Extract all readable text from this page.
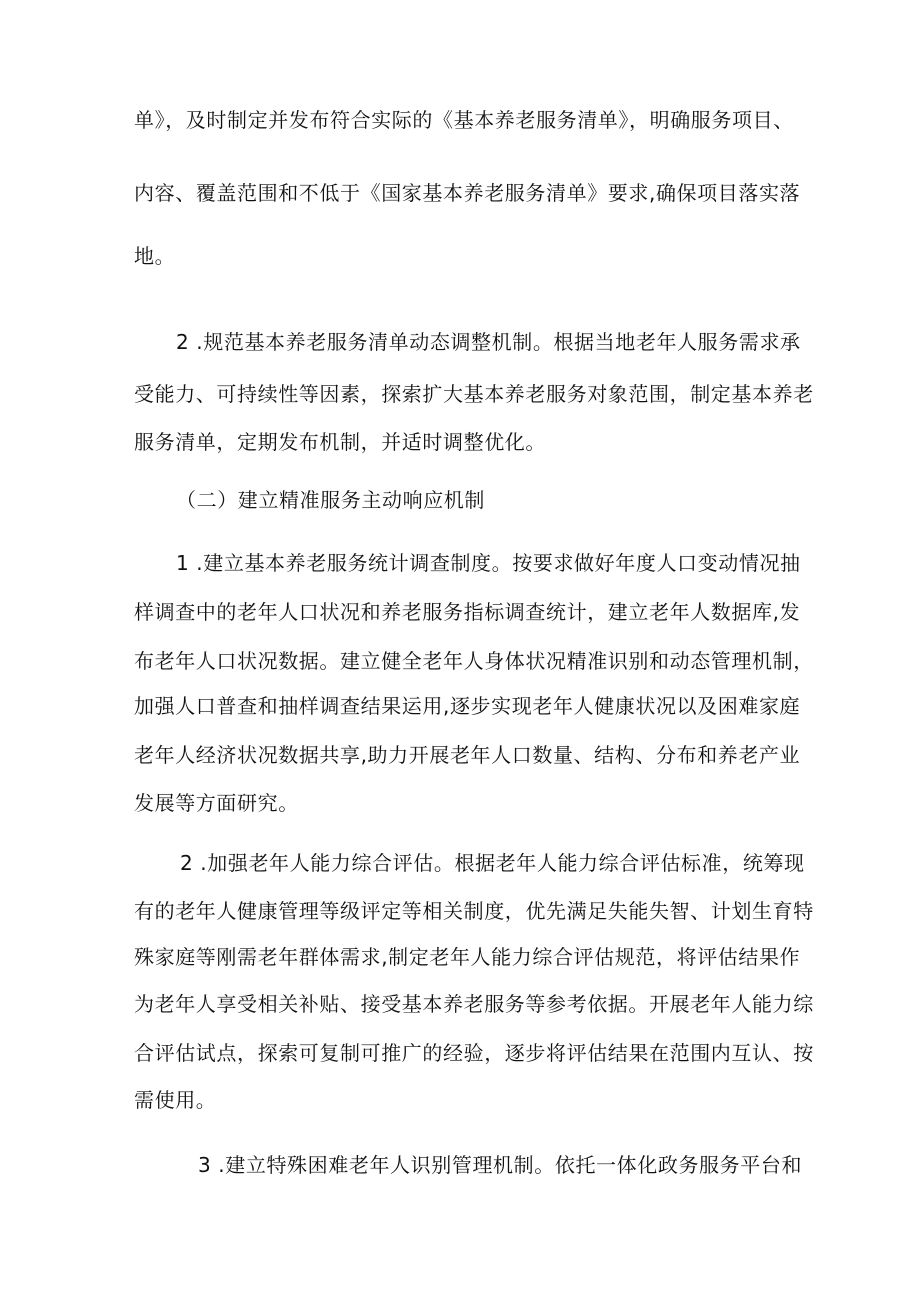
单》，及时制定并发布符合实际的《基本养老服务清单》，明确服务项目、
内容、覆盖范围和不低于《国家基本养老服务清单》要求,确保项目落实落
地。
2 .规范基本养老服务清单动态调整机制。根据当地老年人服务需求承
受能力、可持续性等因素，探索扩大基本养老服务对象范围，制定基本养老
服务清单，定期发布机制，并适时调整优化。
（二）建立精准服务主动响应机制
1 .建立基本养老服务统计调查制度。按要求做好年度人口变动情况抽
样调查中的老年人口状况和养老服务指标调查统计，建立老年人数据库,发
布老年人口状况数据。建立健全老年人身体状况精准识别和动态管理机制，
加强人口普查和抽样调查结果运用,逐步实现老年人健康状况以及困难家庭
老年人经济状况数据共享,助力开展老年人口数量、结构、分布和养老产业
发展等方面研究。
2 .加强老年人能力综合评估。根据老年人能力综合评估标准，统筹现
有的老年人健康管理等级评定等相关制度，优先满足失能失智、计划生育特
殊家庭等刚需老年群体需求,制定老年人能力综合评估规范，将评估结果作
为老年人享受相关补贴、接受基本养老服务等参考依据。开展老年人能力综
合评估试点，探索可复制可推广的经验，逐步将评估结果在范围内互认、按
需使用。
3 .建立特殊困难老年人识别管理机制。依托一体化政务服务平台和
